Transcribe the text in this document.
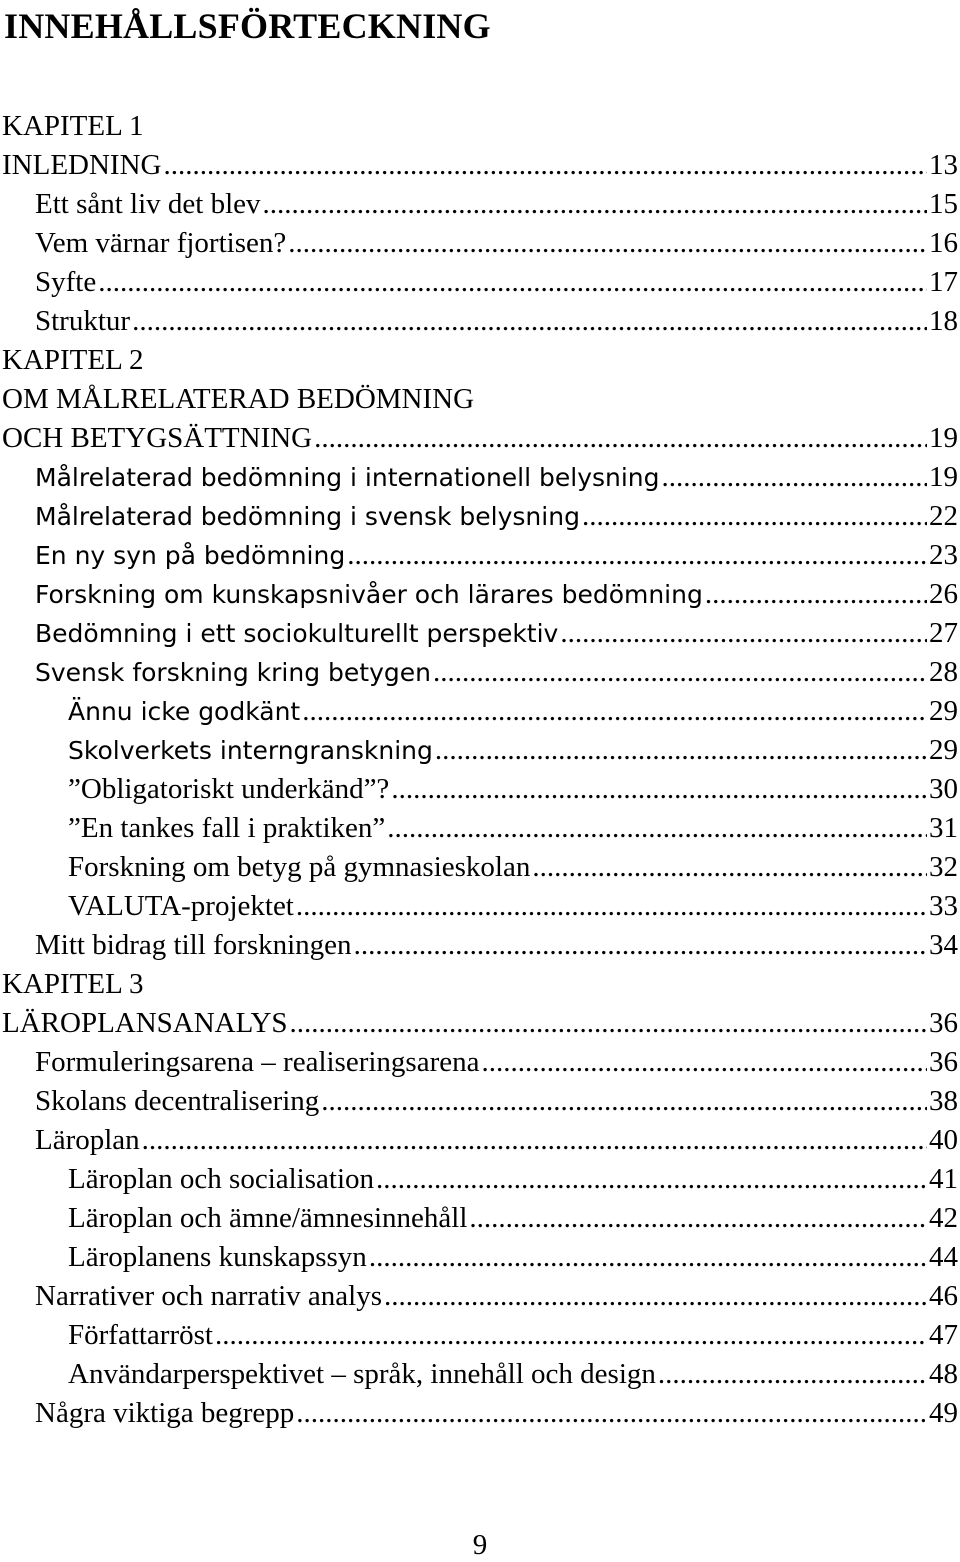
INNEHÅLLSFÖRTECKNING
KAPITEL 1
INLEDNING .....	13
Ett sånt liv det blev .....	15
Vem värnar fjortisen? .....	16
Syfte .....	17
Struktur .....	18
KAPITEL 2
OM MÅLRELATERAD BEDÖMNING
OCH BETYGSÄTTNING .....	19
Målrelaterad bedömning i internationell belysning .....	19
Målrelaterad bedömning i svensk belysning .....	22
En ny syn på bedömning .....	23
Forskning om kunskapsnivåer och lärares bedömning .....	26
Bedömning i ett sociokulturellt perspektiv .....	27
Svensk forskning kring betygen .....	28
Ännu icke godkänt .....	29
Skolverkets interngranskning .....	29
”Obligatoriskt underkänd”? .....	30
”En tankes fall i praktiken” .....	31
Forskning om betyg på gymnasieskolan .....	32
VALUTA-projektet .....	33
Mitt bidrag till forskningen .....	34
KAPITEL 3
LÄROPLANSANALYS .....	36
Formuleringsarena – realiseringsarena .....	36
Skolans decentralisering .....	38
Läroplan .....	40
Läroplan och socialisation .....	41
Läroplan och ämne/ämnesinnehåll .....	42
Läroplanens kunskapssyn .....	44
Narrativer och narrativ analys .....	46
Författarröst .....	47
Användarperspektivet – språk, innehåll och design .....	48
Några viktiga begrepp .....	49
9
